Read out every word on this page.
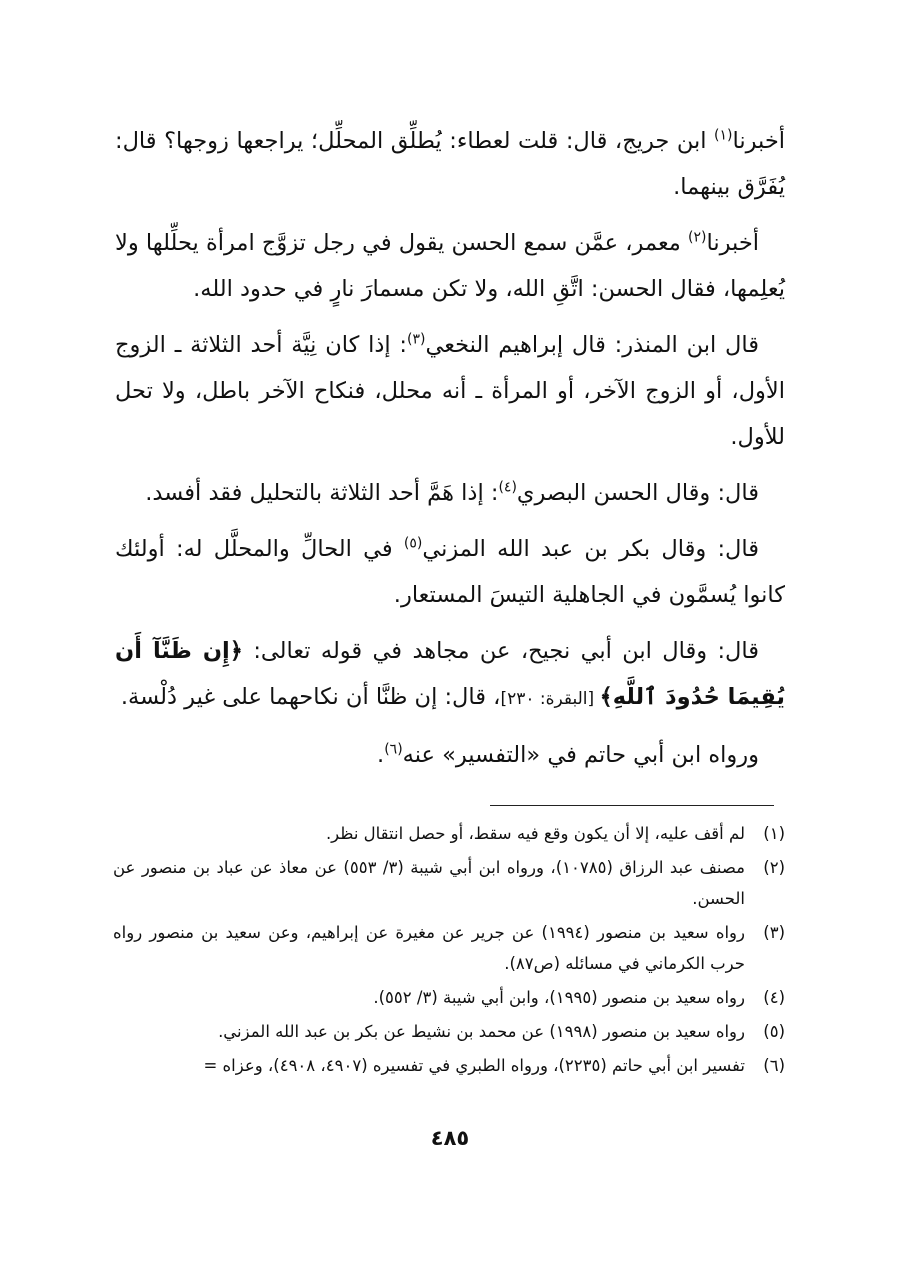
أخبرنا$^{(١)}$ ابن جريج، قال: قلت لعطاء: يُطلِّق المحلِّل؛ يراجعها زوجها؟ قال: يُفَرَّق بينهما.

أخبرنا$^{(٢)}$ معمر، عمَّن سمع الحسن يقول في رجل تزوَّج امرأة يحلِّلها ولا يُعلِمها، فقال الحسن: اتَّقِ الله، ولا تكن مسمارَ نارٍ في حدود الله.

قال ابن المنذر: قال إبراهيم النخعي$^{(٣)}$: إذا كان نِيَّة أحد الثلاثة ـ الزوج الأول، أو الزوج الآخر، أو المرأة ـ أنه محلل، فنكاح الآخر باطل، ولا تحل للأول.

قال: وقال الحسن البصري$^{(٤)}$: إذا هَمَّ أحد الثلاثة بالتحليل فقد أفسد.

قال: وقال بكر بن عبد الله المزني$^{(٥)}$ في الحالِّ والمحلَّل له: أولئك كانوا يُسمَّون في الجاهلية التيسَ المستعار.

قال: وقال ابن أبي نجيح، عن مجاهد في قوله تعالى: ﴿إِن ظَنَّآ أَن يُقِيمَا حُدُودَ ٱللَّهِ﴾ [البقرة: ٢٣٠]، قال: إن ظنَّا أن نكاحهما على غير دُلْسة.

ورواه ابن أبي حاتم في «التفسير» عنه$^{(٦)}$.

(١)
لم أقف عليه، إلا أن يكون وقع فيه سقط، أو حصل انتقال نظر.
(٢)
مصنف عبد الرزاق (١٠٧٨٥)، ورواه ابن أبي شيبة (٣/ ٥٥٣) عن معاذ عن عباد بن منصور عن الحسن.
(٣)
رواه سعيد بن منصور (١٩٩٤) عن جرير عن مغيرة عن إبراهيم، وعن سعيد بن منصور رواه حرب الكرماني في مسائله (ص٨٧).
(٤)
رواه سعيد بن منصور (١٩٩٥)، وابن أبي شيبة (٣/ ٥٥٢).
(٥)
رواه سعيد بن منصور (١٩٩٨) عن محمد بن نشيط عن بكر بن عبد الله المزني.
(٦)
تفسير ابن أبي حاتم (٢٢٣٥)، ورواه الطبري في تفسيره (٤٩٠٧، ٤٩٠٨)، وعزاه =
٤٨٥
